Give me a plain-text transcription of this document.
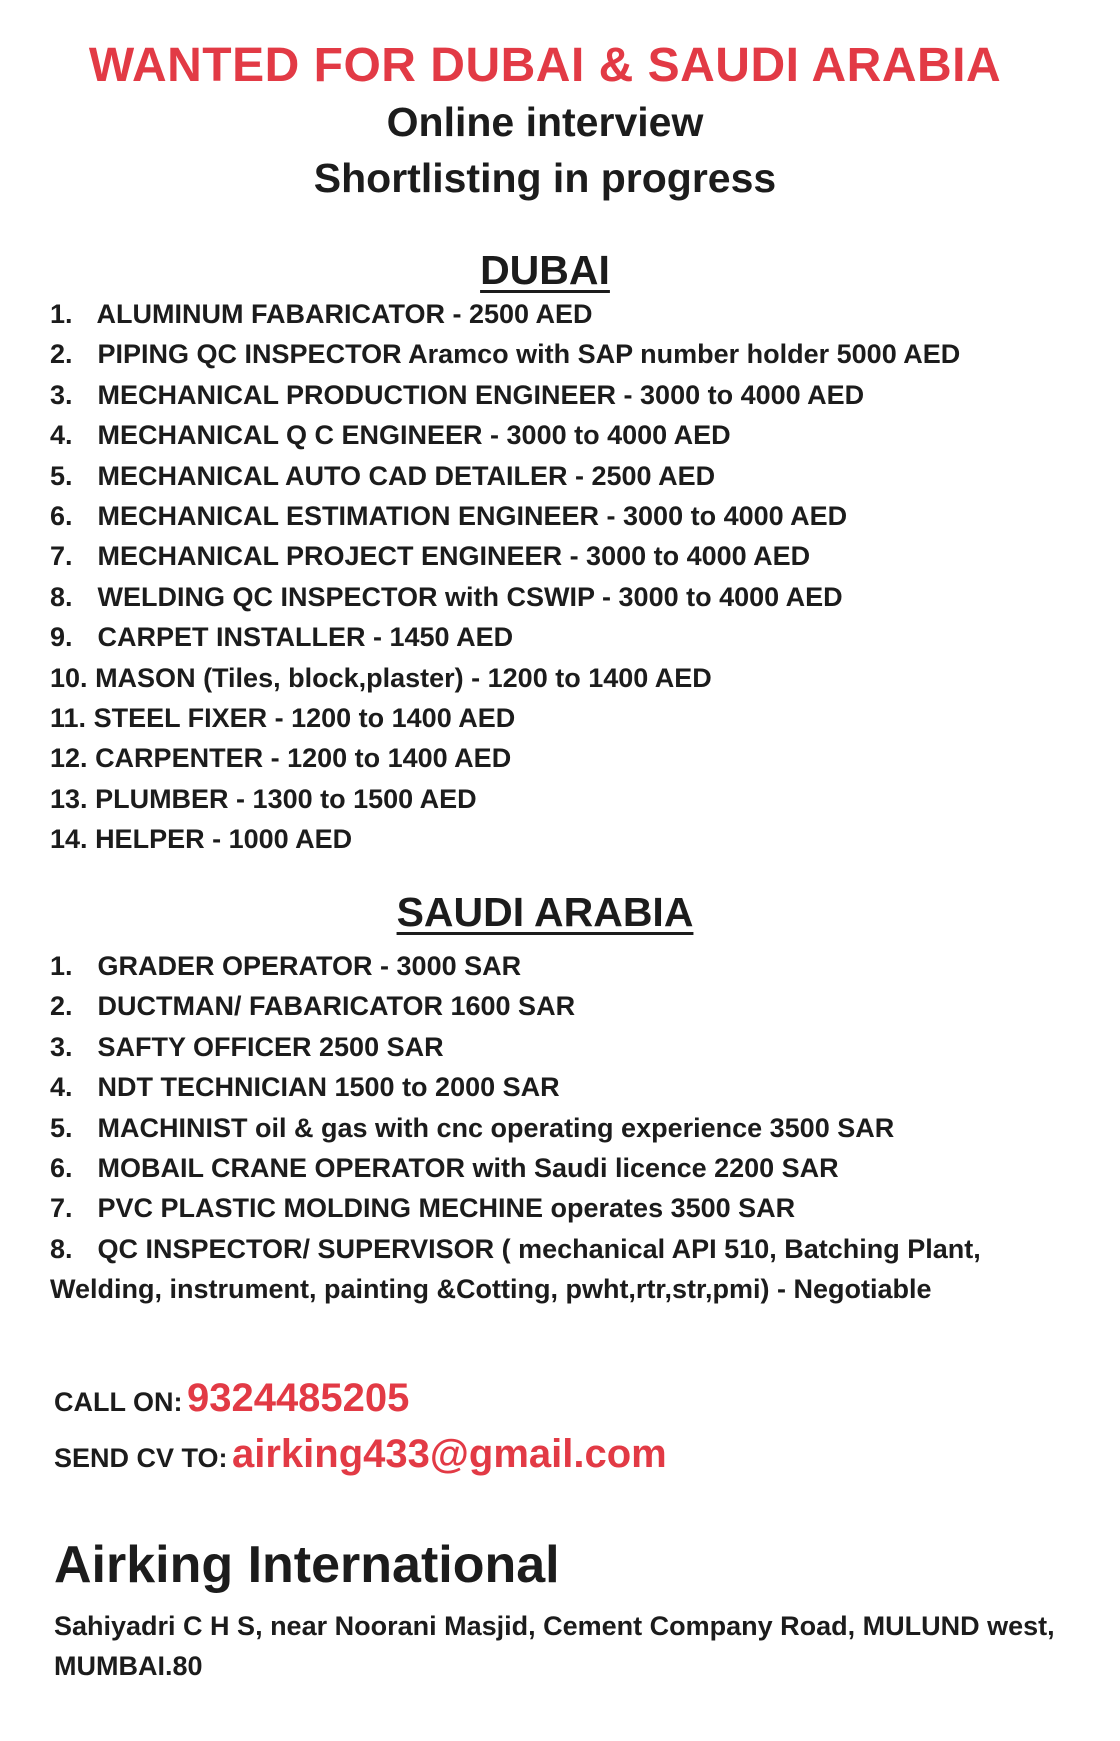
WANTED FOR DUBAI & SAUDI ARABIA
Online interview
Shortlisting in progress
DUBAI
1. ALUMINUM FABARICATOR - 2500 AED
2. PIPING QC INSPECTOR Aramco with SAP number holder 5000 AED
3. MECHANICAL PRODUCTION ENGINEER - 3000 to 4000 AED
4. MECHANICAL Q C ENGINEER - 3000 to 4000 AED
5. MECHANICAL AUTO CAD DETAILER - 2500 AED
6. MECHANICAL ESTIMATION ENGINEER - 3000 to 4000 AED
7. MECHANICAL PROJECT ENGINEER - 3000 to 4000 AED
8. WELDING QC INSPECTOR with CSWIP - 3000 to 4000 AED
9. CARPET INSTALLER - 1450 AED
10. MASON (Tiles, block,plaster) - 1200 to 1400 AED
11. STEEL FIXER - 1200 to 1400 AED
12. CARPENTER - 1200 to 1400 AED
13. PLUMBER - 1300 to 1500 AED
14. HELPER - 1000 AED
SAUDI ARABIA
1. GRADER OPERATOR - 3000 SAR
2. DUCTMAN/ FABARICATOR 1600 SAR
3. SAFTY OFFICER 2500 SAR
4. NDT TECHNICIAN 1500 to 2000 SAR
5. MACHINIST oil & gas with cnc operating experience 3500 SAR
6. MOBAIL CRANE OPERATOR with Saudi licence 2200 SAR
7. PVC PLASTIC MOLDING MECHINE operates 3500 SAR
8. QC INSPECTOR/ SUPERVISOR ( mechanical API 510, Batching Plant, Welding, instrument, painting &Cotting, pwht,rtr,str,pmi) - Negotiable
CALL ON: 9324485205
SEND CV TO: airking433@gmail.com
Airking International
Sahiyadri C H S, near Noorani Masjid, Cement Company Road, MULUND west, MUMBAI.80
